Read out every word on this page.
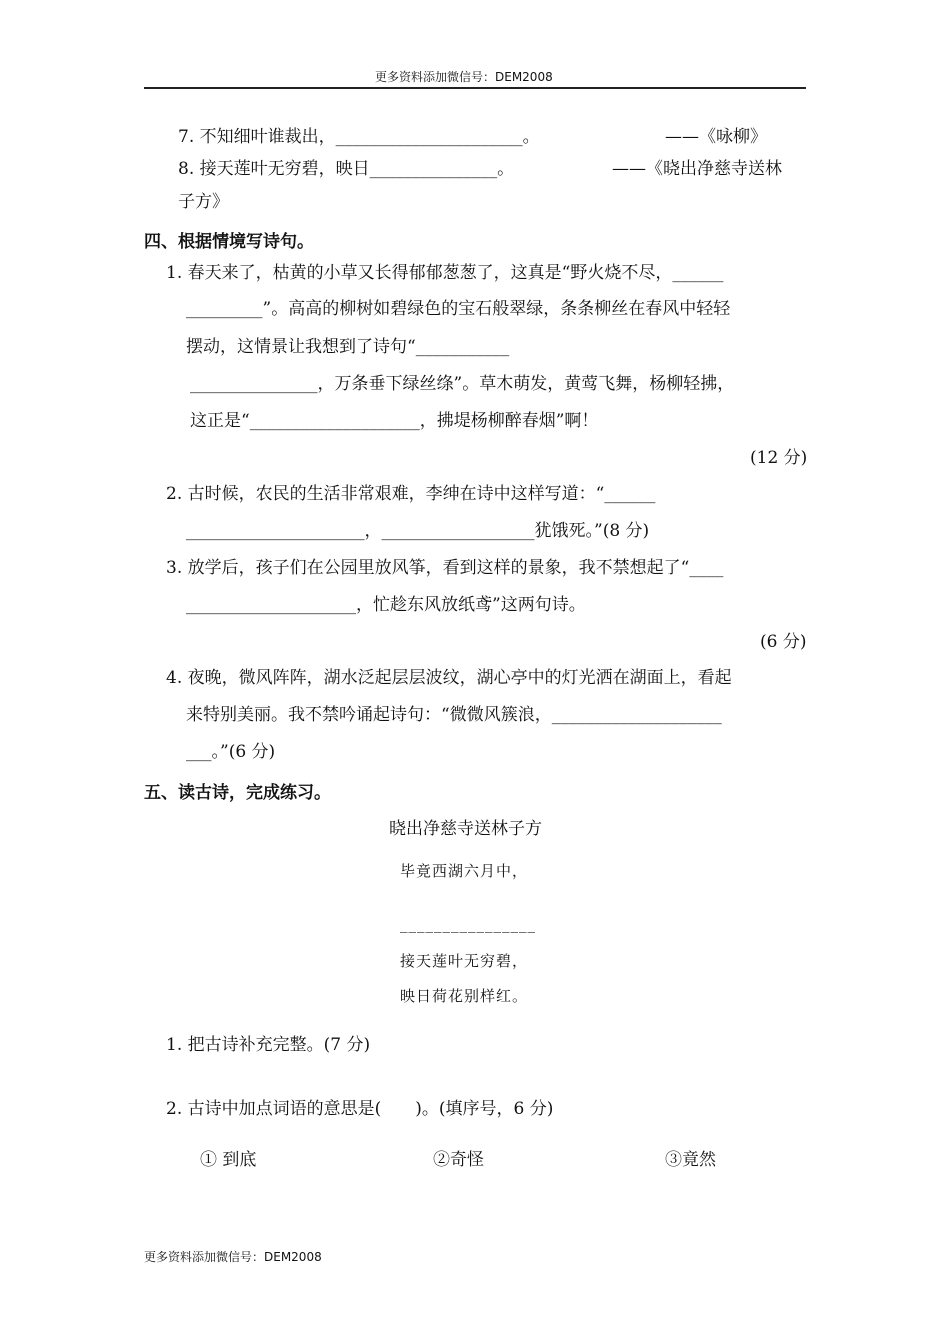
更多资料添加微信号：DEM2008
7. 不知细叶谁裁出，______________________。	——《咏柳》
8. 接天莲叶无穷碧，映日_______________。	——《晓出净慈寺送林
子方》
四、根据情境写诗句。
1. 春天来了，枯黄的小草又长得郁郁葱葱了，这真是“野火烧不尽，______
_________”。高高的柳树如碧绿色的宝石般翠绿，条条柳丝在春风中轻轻
摆动，这情景让我想到了诗句“___________
_______________，万条垂下绿丝绦”。草木萌发，黄莺飞舞，杨柳轻拂，
这正是“____________________，拂堤杨柳醉春烟”啊！
(12 分)
2. 古时候，农民的生活非常艰难，李绅在诗中这样写道：“______
_____________________，__________________犹饿死。”(8 分)
3. 放学后，孩子们在公园里放风筝，看到这样的景象，我不禁想起了“____
____________________，忙趁东风放纸鸢”这两句诗。
(6 分)
4. 夜晚，微风阵阵，湖水泛起层层波纹，湖心亭中的灯光洒在湖面上，看起
来特别美丽。我不禁吟诵起诗句：“微微风簇浪，____________________
___。”(6 分)
五、读古诗，完成练习。
晓出净慈寺送林子方
毕竟西湖六月中，
________________
接天莲叶无穷碧，
映日荷花别样红。
1. 把古诗补充完整。(7 分)
2. 古诗中加点词语的意思是(　　)。(填序号，6 分)
① 到底	②奇怪	③竟然
更多资料添加微信号：DEM2008
